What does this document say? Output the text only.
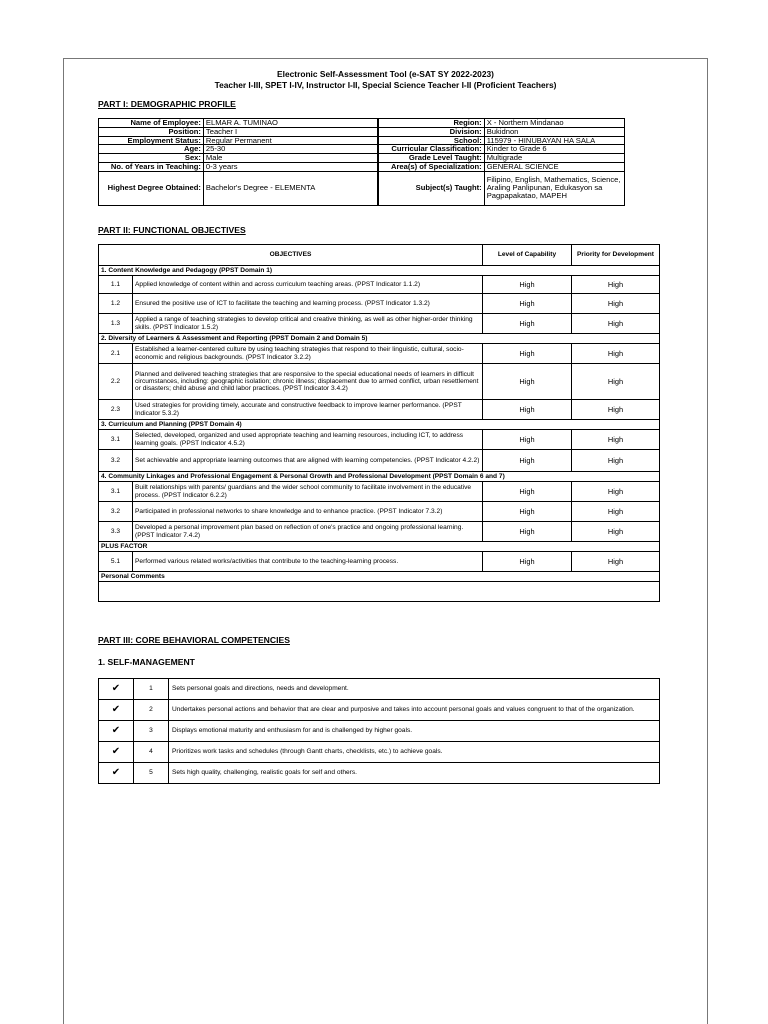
Electronic Self-Assessment Tool (e-SAT SY 2022-2023)
Teacher I-III, SPET I-IV, Instructor I-II, Special Science Teacher I-II (Proficient Teachers)
PART I: DEMOGRAPHIC PROFILE
Name of Employee:	ELMAR A. TUMINAO
Position:	Teacher I
Employment Status:	Regular Permanent
Age:	25-30
Sex:	Male
No. of Years in Teaching:	0-3 years
Highest Degree Obtained:	Bachelor's Degree - ELEMENTA
Region:	X - Northern Mindanao
Division:	Bukidnon
School:	115979 - HINUBAYAN HA SALA
Curricular Classification:	Kinder to Grade 6
Grade Level Taught:	Multigrade
Area(s) of Specialization:	GENERAL SCIENCE
Subject(s) Taught:	Filipino, English, Mathematics, Science, Araling Panlipunan, Edukasyon sa Pagpapakatao, MAPEH
PART II: FUNCTIONAL OBJECTIVES
OBJECTIVES		Level of Capability	Priority for Development
1. Content Knowledge and Pedagogy (PPST Domain 1)			
1.1	Applied knowledge of content within and across curriculum teaching areas. (PPST Indicator 1.1.2)	High	High
1.2	Ensured the positive use of ICT to facilitate the teaching and learning process. (PPST Indicator 1.3.2)	High	High
1.3	Applied a range of teaching strategies to develop critical and creative thinking, as well as other higher-order thinking skills. (PPST Indicator 1.5.2)	High	High
2. Diversity of Learners & Assessment and Reporting (PPST Domain 2 and Domain 5)			
2.1	Established a learner-centered culture by using teaching strategies that respond to their linguistic, cultural, socio-economic and religious backgrounds. (PPST Indicator 3.2.2)	High	High
2.2	Planned and delivered teaching strategies that are responsive to the special educational needs of learners in difficult circumstances, including: geographic isolation; chronic illness; displacement due to armed conflict, urban resettlement or disasters; child abuse and child labor practices. (PPST Indicator 3.4.2)	High	High
2.3	Used strategies for providing timely, accurate and constructive feedback to improve learner performance. (PPST Indicator 5.3.2)	High	High
3. Curriculum and Planning (PPST Domain 4)			
3.1	Selected, developed, organized and used appropriate teaching and learning resources, including ICT, to address learning goals. (PPST Indicator 4.5.2)	High	High
3.2	Set achievable and appropriate learning outcomes that are aligned with learning competencies. (PPST Indicator 4.2.2)	High	High
4. Community Linkages and Professional Engagement & Personal Growth and Professional Development (PPST Domain 6 and 7)			
3.1	Built relationships with parents/ guardians and the wider school community to facilitate involvement in the educative process. (PPST Indicator 6.2.2)	High	High
3.2	Participated in professional networks to share knowledge and to enhance practice. (PPST Indicator 7.3.2)	High	High
3.3	Developed a personal improvement plan based on reflection of one's practice and ongoing professional learning. (PPST Indicator 7.4.2)	High	High
PLUS FACTOR			
5.1	Performed various related works/activities that contribute to the teaching-learning process.	High	High
Personal Comments			

PART III: CORE BEHAVIORAL COMPETENCIES
1. SELF-MANAGEMENT
✔	1	Sets personal goals and directions, needs and development.
✔	2	Undertakes personal actions and behavior that are clear and purposive and takes into account personal goals and values congruent to that of the organization.
✔	3	Displays emotional maturity and enthusiasm for and is challenged by higher goals.
✔	4	Prioritizes work tasks and schedules (through Gantt charts, checklists, etc.) to achieve goals.
✔	5	Sets high quality, challenging, realistic goals for self and others.
